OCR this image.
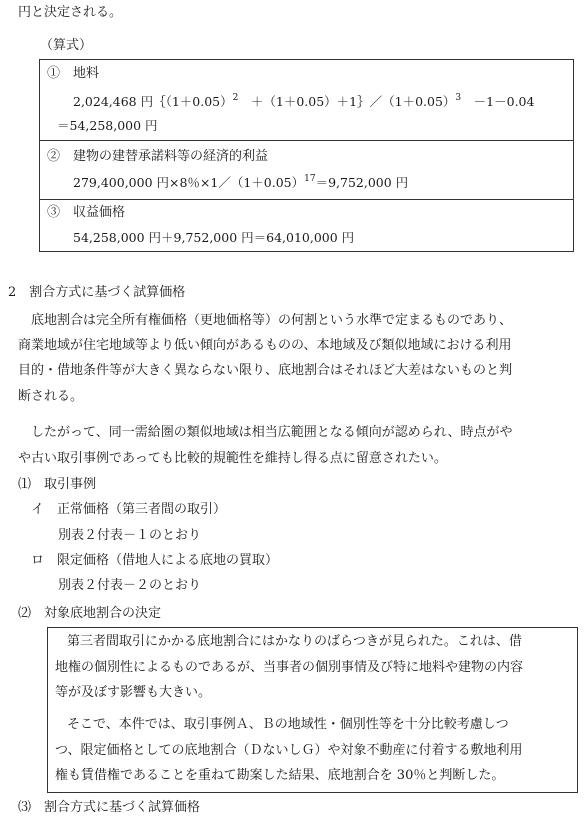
円と決定される。
（算式）
①　地料
2,024,468 円$\{(1+0.05)^2$　 $+(1+0.05)+1\}/(1+0.05)^3$　 －1－0.04
＝54,258,000 円
②　建物の建替承諾料等の経済的利益
279,400,000 円×8％$\times 1/(1+0.05)^{17}=9,752,000$ 円
③　収益価格
54,258,000 円＋9,752,000 円＝64,010,000 円
2　割合方式に基づく試算価格
底地割合は完全所有権価格（更地価格等）の何割という水準で定まるものであり、
商業地域が住宅地域等より低い傾向があるものの、本地域及び類似地域における利用
目的・借地条件等が大きく異ならない限り、底地割合はそれほど大差はないものと判
断される。
したがって、同一需給圏の類似地域は相当広範囲となる傾向が認められ、時点がや
や古い取引事例であっても比較的規範性を維持し得る点に留意されたい。
⑴　取引事例
イ　正常価格（第三者間の取引）
別表２付表－１のとおり
ロ　限定価格（借地人による底地の買取）
別表２付表－２のとおり
⑵　対象底地割合の決定
第三者間取引にかかる底地割合にはかなりのばらつきが見られた。これは、借
地権の個別性によるものであるが、当事者の個別事情及び特に地料や建物の内容
等が及ぼす影響も大きい。
そこで、本件では、取引事例Ａ、Ｂの地域性・個別性等を十分比較考慮しつ
つ、限定価格としての底地割合（ＤないしＧ）や対象不動産に付着する敷地利用
権も賃借権であることを重ねて勘案した結果、底地割合を 30％と判断した。
⑶　割合方式に基づく試算価格
